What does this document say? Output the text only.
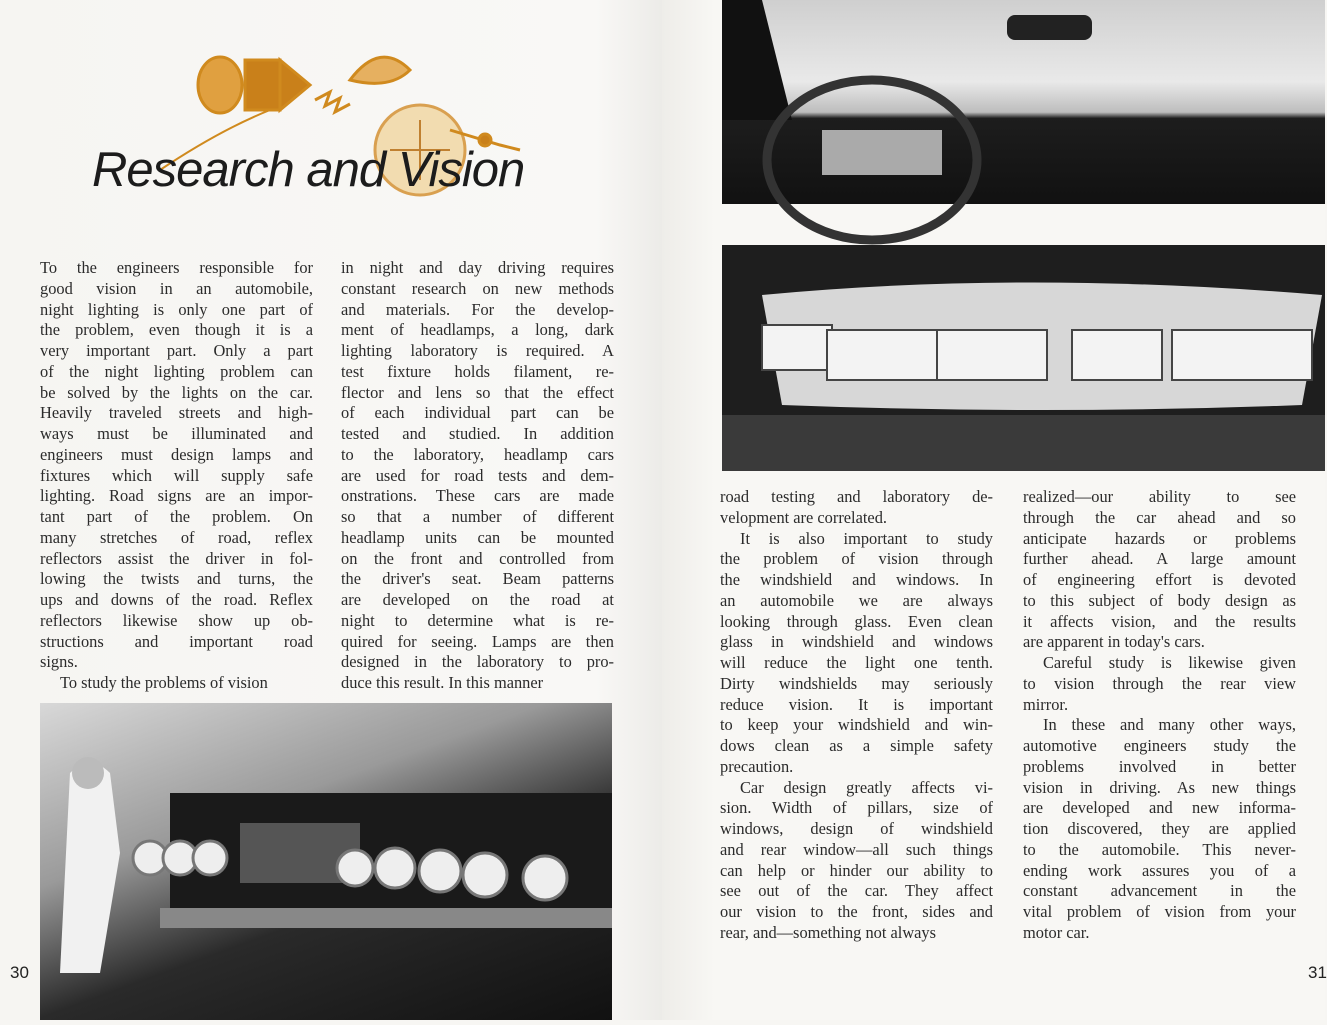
Research and Vision
To the engineers responsible for
good vision in an automobile,
night lighting is only one part of
the problem, even though it is a
very important part. Only a part
of the night lighting problem can
be solved by the lights on the car.
Heavily traveled streets and high-
ways must be illuminated and
engineers must design lamps and
fixtures which will supply safe
lighting. Road signs are an impor-
tant part of the problem. On
many stretches of road, reflex
reflectors assist the driver in fol-
lowing the twists and turns, the
ups and downs of the road. Reflex
reflectors likewise show up ob-
structions and important road
signs.
To study the problems of vision
in night and day driving requires
constant research on new methods
and materials. For the develop-
ment of headlamps, a long, dark
lighting laboratory is required. A
test fixture holds filament, re-
flector and lens so that the effect
of each individual part can be
tested and studied. In addition
to the laboratory, headlamp cars
are used for road tests and dem-
onstrations. These cars are made
so that a number of different
headlamp units can be mounted
on the front and controlled from
the driver's seat. Beam patterns
are developed on the road at
night to determine what is re-
quired for seeing. Lamps are then
designed in the laboratory to pro-
duce this result. In this manner
road testing and laboratory de-
velopment are correlated.
It is also important to study
the problem of vision through
the windshield and windows. In
an automobile we are always
looking through glass. Even clean
glass in windshield and windows
will reduce the light one tenth.
Dirty windshields may seriously
reduce vision. It is important
to keep your windshield and win-
dows clean as a simple safety
precaution.
Car design greatly affects vi-
sion. Width of pillars, size of
windows, design of windshield
and rear window—all such things
can help or hinder our ability to
see out of the car. They affect
our vision to the front, sides and
rear, and—something not always
realized—our ability to see
through the car ahead and so
anticipate hazards or problems
further ahead. A large amount
of engineering effort is devoted
to this subject of body design as
it affects vision, and the results
are apparent in today's cars.
Careful study is likewise given
to vision through the rear view
mirror.
In these and many other ways,
automotive engineers study the
problems involved in better
vision in driving. As new things
are developed and new informa-
tion discovered, they are applied
to the automobile. This never-
ending work assures you of a
constant advancement in the
vital problem of vision from your
motor car.
30	31
